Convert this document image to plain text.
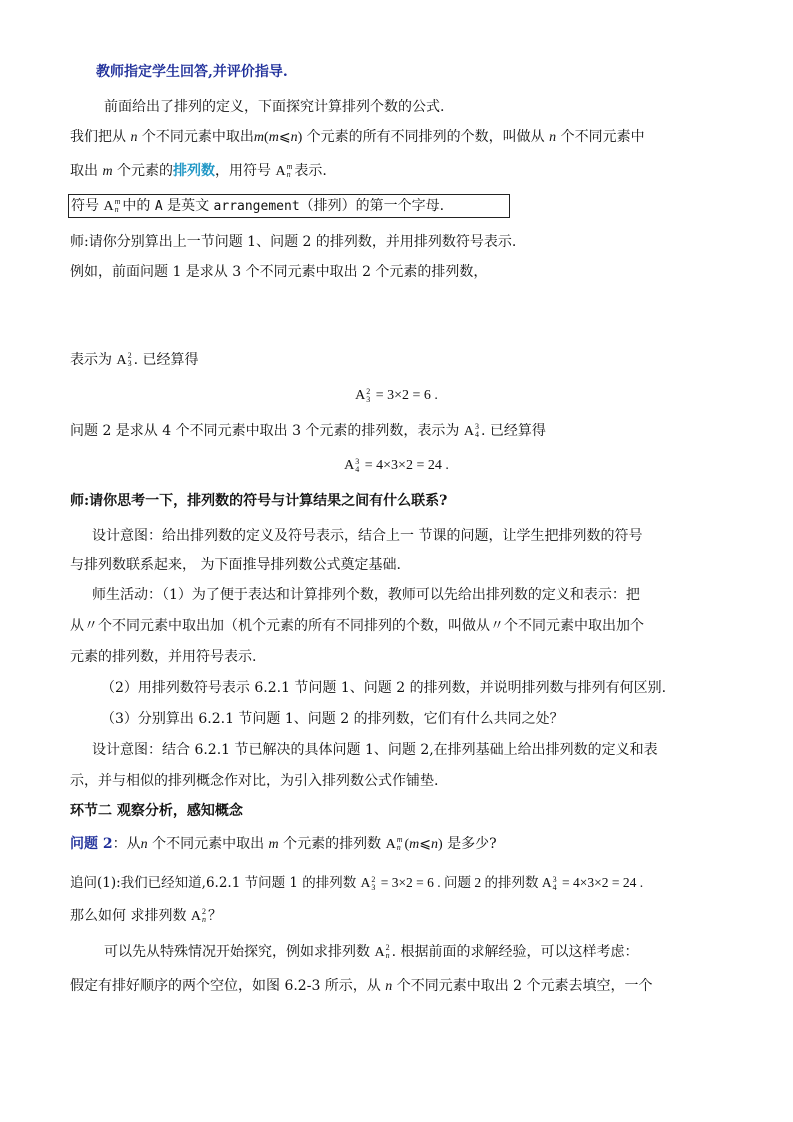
教师指定学生回答,并评价指导.
前面给出了排列的定义，下面探究计算排列个数的公式.
我们把从 n 个不同元素中取出m(m⩽n) 个元素的所有不同排列的个数，叫做从 n 个不同元素中
取出 m 个元素的排列数，用符号 A m
n 表示.
符号 A m
n 中的 A 是英文 arrangement（排列）的第一个字母.
师:请你分别算出上一节问题 1、问题 2 的排列数，并用排列数符号表示.
例如，前面问题 1 是求从 3 个不同元素中取出 2 个元素的排列数，
表示为 A 2
3 . 已经算得
A 2
3 = 3×2 = 6 .
问题 2 是求从 4 个不同元素中取出 3 个元素的排列数，表示为 A 3
4 . 已经算得
A 3
4 = 4×3×2 = 24 .
师:请你思考一下，排列数的符号与计算结果之间有什么联系?
设计意图：给出排列数的定义及符号表示，结合上一 节课的问题，让学生把排列数的符号
与排列数联系起来， 为下面推导排列数公式奠定基础.
师生活动：（1）为了便于表达和计算排列个数，教师可以先给出排列数的定义和表示：把
从〃个不同元素中取出加（机个元素的所有不同排列的个数，叫做从〃个不同元素中取出加个
元素的排列数，并用符号表示.
（2）用排列数符号表示 6.2.1 节问题 1、问题 2 的排列数，并说明排列数与排列有何区别.
（3）分别算出 6.2.1 节问题 1、问题 2 的排列数，它们有什么共同之处？
设计意图：结合 6.2.1 节已解决的具体问题 1、问题 2,在排列基础上给出排列数的定义和表
示，并与相似的排列概念作对比，为引入排列数公式作铺垫.
环节二 观察分析，感知概念
问题 2：从n 个不同元素中取出 m 个元素的排列数 A m
n (m⩽n) 是多少?
追问(1):我们已经知道,6.2.1 节问题 1 的排列数 A 2
3 = 3×2 = 6 . 问题 2 的排列数 A 3
4 = 4×3×2 = 24 .
那么如何 求排列数 A 2
n ？
可以先从特殊情况开始探究，例如求排列数 A 2
n . 根据前面的求解经验，可以这样考虑：
假定有排好顺序的两个空位，如图 6.2-3 所示，从 n 个不同元素中取出 2 个元素去填空，一个
